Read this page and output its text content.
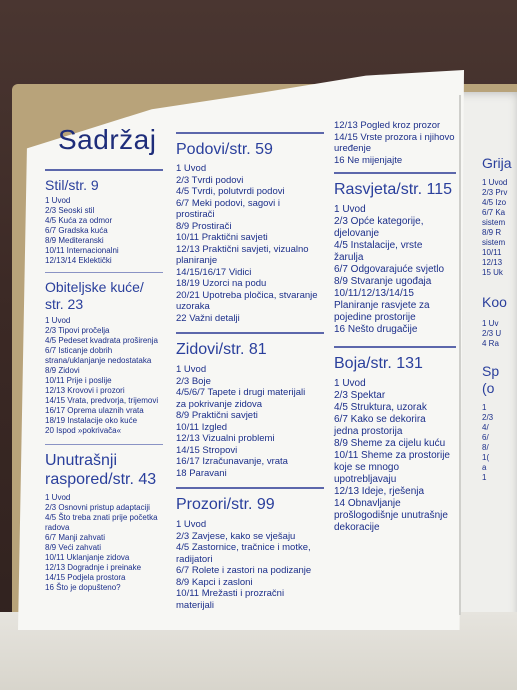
Sadržaj
Stil/str. 9
1 Uvod
2/3 Seoski stil
4/5 Kuća za odmor
6/7 Gradska kuća
8/9 Mediteranski
10/11 Internacionalni
12/13/14 Eklektički
Obiteljske kuće/
str. 23
1 Uvod
2/3 Tipovi pročelja
4/5 Pedeset kvadrata proširenja
6/7 Isticanje dobrih
strana/uklanjanje nedostataka
8/9 Zidovi
10/11 Prije i poslije
12/13 Krovovi i prozori
14/15 Vrata, predvorja, trijemovi
16/17 Oprema ulaznih vrata
18/19 Instalacije oko kuće
20 Ispod »pokrivača«
Unutrašnji
raspored/str. 43
1 Uvod
2/3 Osnovni pristup adaptaciji
4/5 Što treba znati prije početka
radova
6/7 Manji zahvati
8/9 Veći zahvati
10/11 Uklanjanje zidova
12/13 Dogradnje i preinake
14/15 Podjela prostora
16 Što je dopušteno?
Podovi/str. 59
1 Uvod
2/3 Tvrdi podovi
4/5 Tvrdi, polutvrdi podovi
6/7 Meki podovi, sagovi i
prostirači
8/9 Prostirači
10/11 Praktični savjeti
12/13 Praktični savjeti, vizualno
planiranje
14/15/16/17 Vidici
18/19 Uzorci na podu
20/21 Upotreba pločica, stvaranje
uzoraka
22 Važni detalji
Zidovi/str. 81
1 Uvod
2/3 Boje
4/5/6/7 Tapete i drugi materijali
za pokrivanje zidova
8/9 Praktični savjeti
10/11 Izgled
12/13 Vizualni problemi
14/15 Stropovi
16/17 Izračunavanje, vrata
18 Paravani
Prozori/str. 99
1 Uvod
2/3 Zavjese, kako se vješaju
4/5 Zastornice, tračnice i motke,
radijatori
6/7 Rolete i zastori na podizanje
8/9 Kapci i zasloni
10/11 Mrežasti i prozračni
materijali
12/13 Pogled kroz prozor
14/15 Vrste prozora i njihovo
uređenje
16 Ne mijenjajte
Rasvjeta/str. 115
1 Uvod
2/3 Opće kategorije,
djelovanje
4/5 Instalacije, vrste
žarulja
6/7 Odgovarajuće svjetlo
8/9 Stvaranje ugođaja
10/11/12/13/14/15
Planiranje rasvjete za
pojedine prostorije
16 Nešto drugačije
Boja/str. 131
1 Uvod
2/3 Spektar
4/5 Struktura, uzorak
6/7 Kako se dekorira
jedna prostorija
8/9 Sheme za cijelu kuću
10/11 Sheme za prostorije
koje se mnogo
upotrebljavaju
12/13 Ideje, rješenja
14 Obnavljanje
prošlogodišnje unutrašnje
dekoracije
Grija
1 Uvod
2/3 Prv
4/5 Izo
6/7 Ka
sistem
8/9 R
sistem
10/11
12/13
15 Uk
Koo
1 Uv
2/3 U
4 Ra
Sp
(o
1
2/3
4/
6/
8/
1(
a
1
